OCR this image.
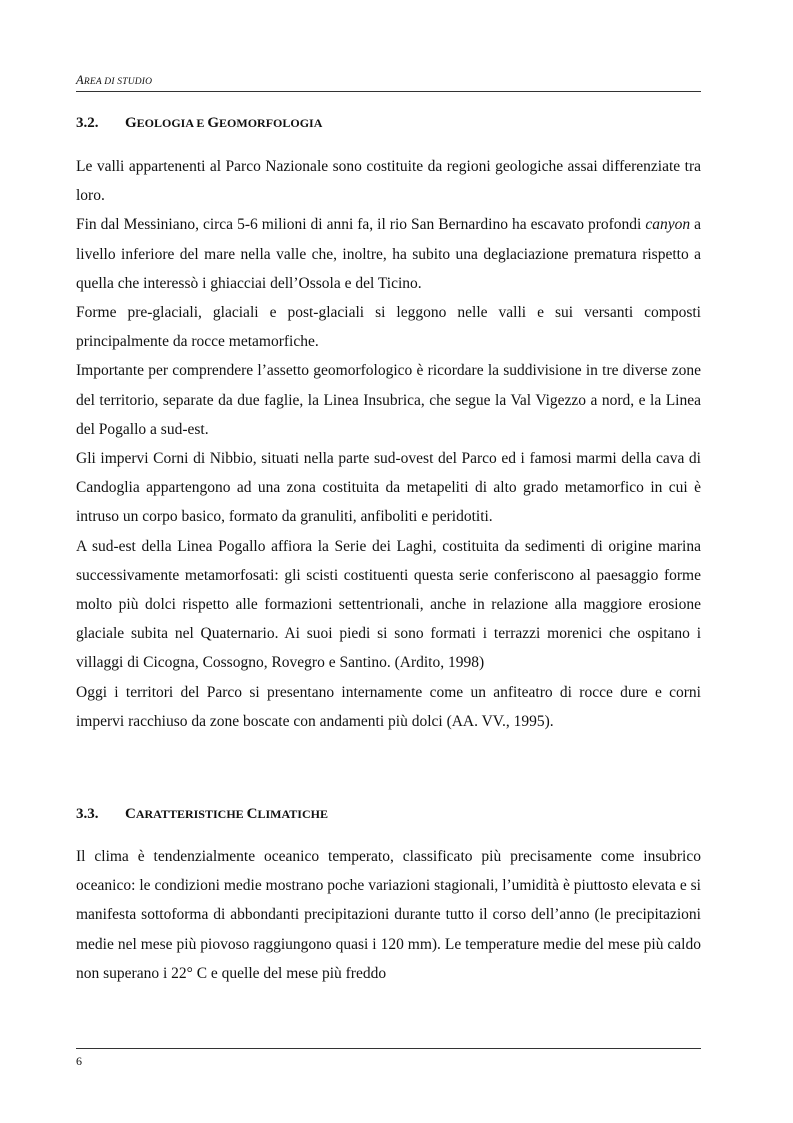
AREA DI STUDIO
3.2. GEOLOGIA E GEOMORFOLOGIA

Le valli appartenenti al Parco Nazionale sono costituite da regioni geologiche assai differenziate tra loro.

Fin dal Messiniano, circa 5-6 milioni di anni fa, il rio San Bernardino ha escavato profondi canyon a livello inferiore del mare nella valle che, inoltre, ha subito una deglaciazione prematura rispetto a quella che interessò i ghiacciai dell’Ossola e del Ticino.

Forme pre-glaciali, glaciali e post-glaciali si leggono nelle valli e sui versanti composti principalmente da rocce metamorfiche.

Importante per comprendere l’assetto geomorfologico è ricordare la suddivisione in tre diverse zone del territorio, separate da due faglie, la Linea Insubrica, che segue la Val Vigezzo a nord, e la Linea del Pogallo a sud-est.

Gli impervi Corni di Nibbio, situati nella parte sud-ovest del Parco ed i famosi marmi della cava di Candoglia appartengono ad una zona costituita da metapeliti di alto grado metamorfico in cui è intruso un corpo basico, formato da granuliti, anfiboliti e peridotiti.

A sud-est della Linea Pogallo affiora la Serie dei Laghi, costituita da sedimenti di origine marina successivamente metamorfosati: gli scisti costituenti questa serie conferiscono al paesaggio forme molto più dolci rispetto alle formazioni settentrionali, anche in relazione alla maggiore erosione glaciale subita nel Quaternario. Ai suoi piedi si sono formati i terrazzi morenici che ospitano i villaggi di Cicogna, Cossogno, Rovegro e Santino. (Ardito, 1998)

Oggi i territori del Parco si presentano internamente come un anfiteatro di rocce dure e corni impervi racchiuso da zone boscate con andamenti più dolci (AA. VV., 1995).

3.3. CARATTERISTICHE CLIMATICHE

Il clima è tendenzialmente oceanico temperato, classificato più precisamente come insubrico oceanico: le condizioni medie mostrano poche variazioni stagionali, l’umidità è piuttosto elevata e si manifesta sottoforma di abbondanti precipitazioni durante tutto il corso dell’anno (le precipitazioni medie nel mese più piovoso raggiungono quasi i 120 mm). Le temperature medie del mese più caldo non superano i 22° C e quelle del mese più freddo

6
